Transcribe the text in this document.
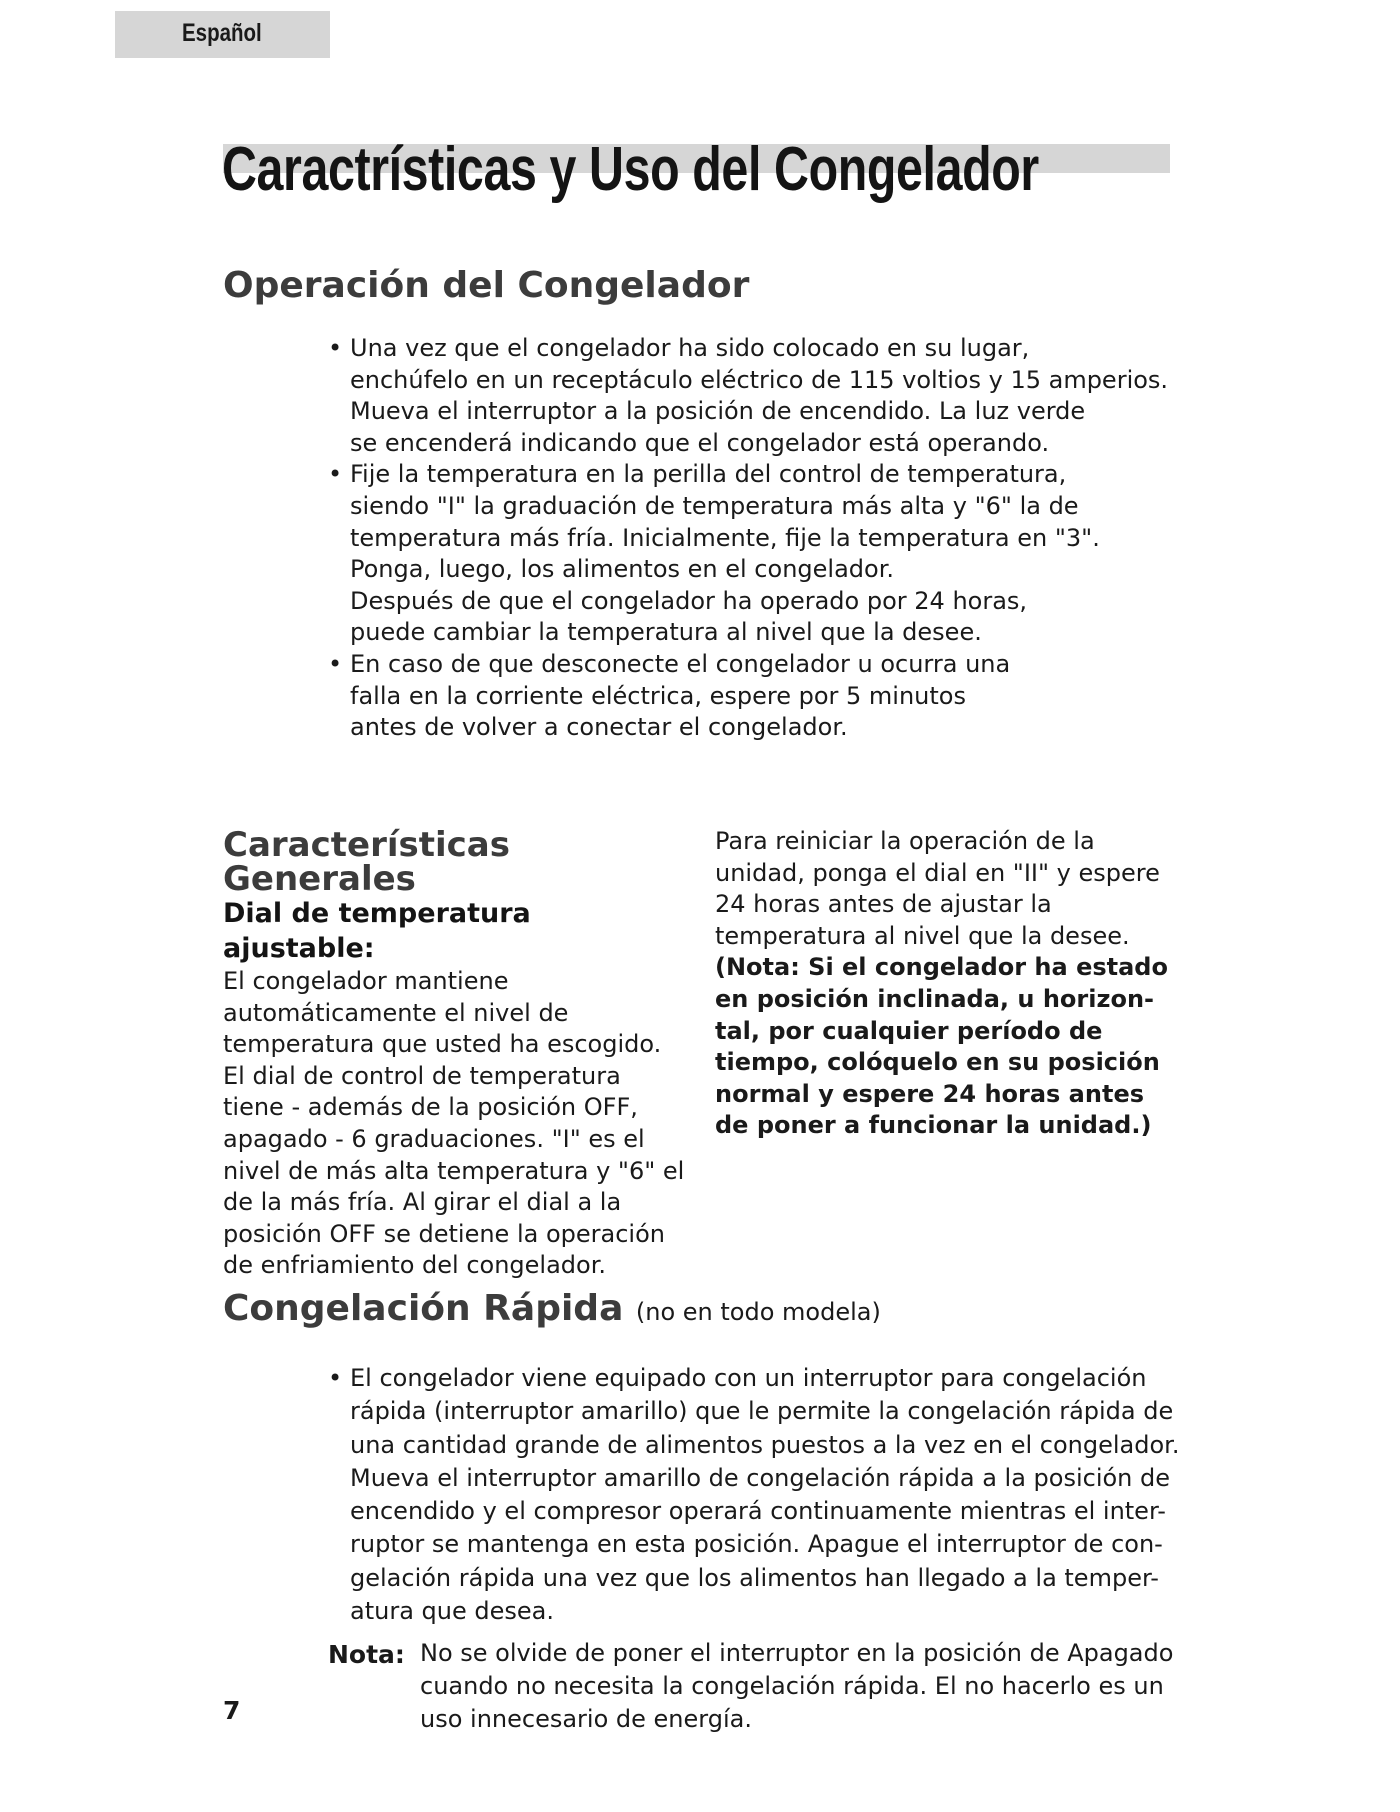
Español
Caractrísticas y Uso del Congelador
Operación del Congelador
• Una vez que el congelador ha sido colocado en su lugar,
enchúfelo en un receptáculo eléctrico de 115 voltios y 15 amperios.
Mueva el interruptor a la posición de encendido. La luz verde
se encenderá indicando que el congelador está operando.
• Fije la temperatura en la perilla del control de temperatura,
siendo "I" la graduación de temperatura más alta y "6" la de
temperatura más fría. Inicialmente, fije la temperatura en "3".
Ponga, luego, los alimentos en el congelador.
Después de que el congelador ha operado por 24 horas,
puede cambiar la temperatura al nivel que la desee.
• En caso de que desconecte el congelador u ocurra una
falla en la corriente eléctrica, espere por 5 minutos
antes de volver a conectar el congelador.
Características
Generales
Dial de temperatura
ajustable:
El congelador mantiene
automáticamente el nivel de
temperatura que usted ha escogido.
El dial de control de temperatura
tiene - además de la posición OFF,
apagado - 6 graduaciones. "I" es el
nivel de más alta temperatura y "6" el
de la más fría. Al girar el dial a la
posición OFF se detiene la operación
de enfriamiento del congelador.
Para reiniciar la operación de la
unidad, ponga el dial en "II" y espere
24 horas antes de ajustar la
temperatura al nivel que la desee.
(Nota: Si el congelador ha estado
en posición inclinada, u horizon-
tal, por cualquier período de
tiempo, colóquelo en su posición
normal y espere 24 horas antes
de poner a funcionar la unidad.)
Congelación Rápida (no en todo modela)
• El congelador viene equipado con un interruptor para congelación
rápida (interruptor amarillo) que le permite la congelación rápida de
una cantidad grande de alimentos puestos a la vez en el congelador.
Mueva el interruptor amarillo de congelación rápida a la posición de
encendido y el compresor operará continuamente mientras el inter-
ruptor se mantenga en esta posición. Apague el interruptor de con-
gelación rápida una vez que los alimentos han llegado a la temper-
atura que desea.
Nota: No se olvide de poner el interruptor en la posición de Apagado
cuando no necesita la congelación rápida. El no hacerlo es un
uso innecesario de energía.
7
